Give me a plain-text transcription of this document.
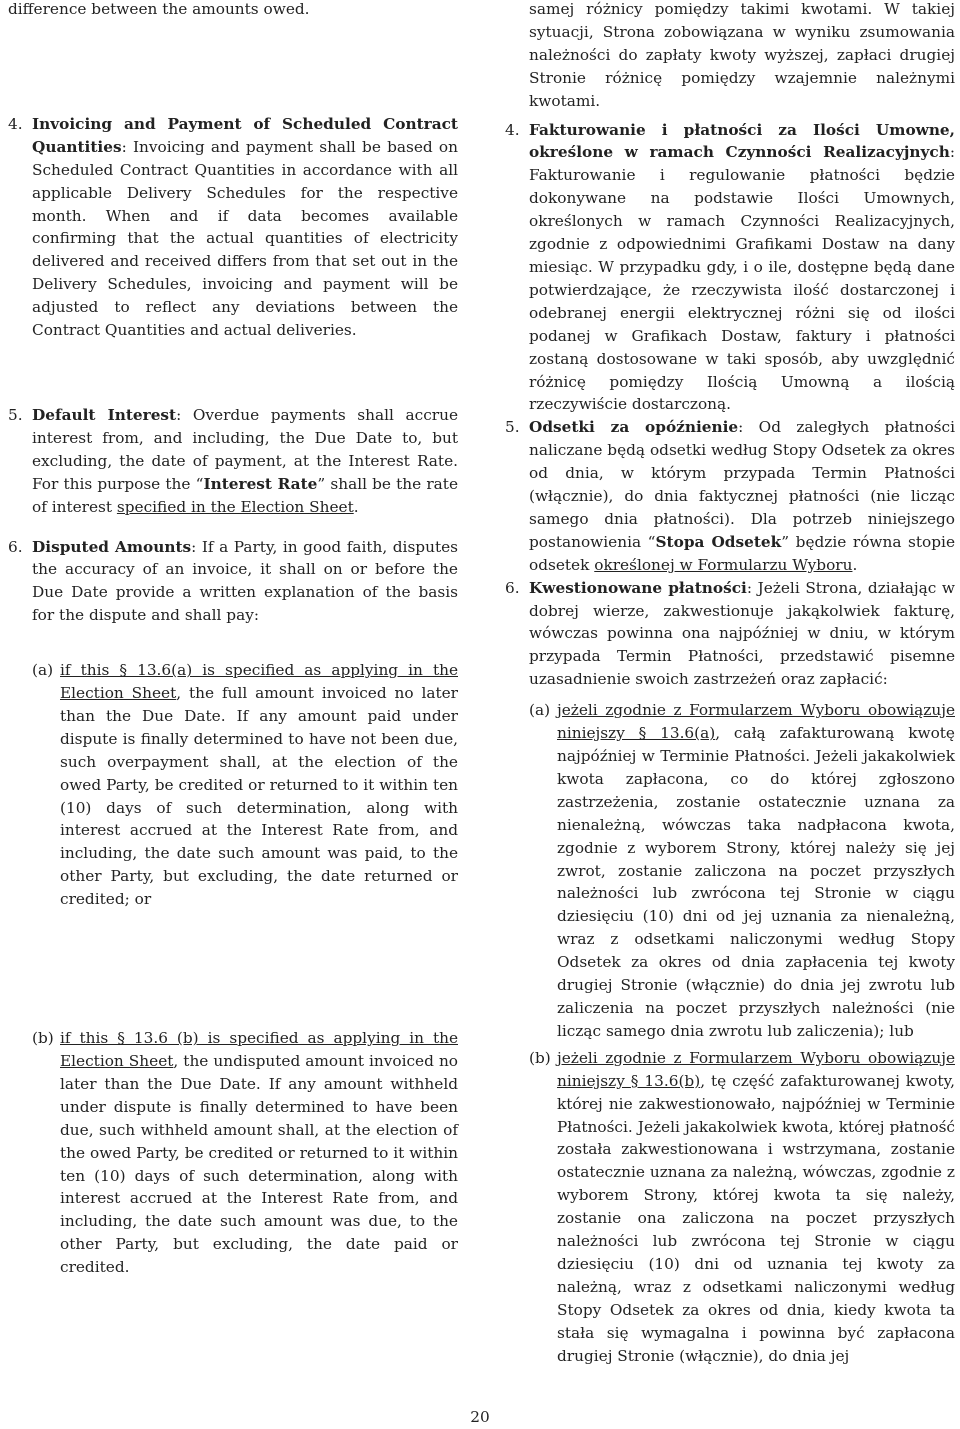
difference between the amounts owed.

4. Invoicing and Payment of Scheduled Contract Quantities: Invoicing and payment shall be based on Scheduled Contract Quantities in accordance with all applicable Delivery Schedules for the respective month. When and if data becomes available confirming that the actual quantities of electricity delivered and received differs from that set out in the Delivery Schedules, invoicing and payment will be adjusted to reflect any deviations between the Contract Quantities and actual deliveries.
5. Default Interest: Overdue payments shall accrue interest from, and including, the Due Date to, but excluding, the date of payment, at the Interest Rate. For this purpose the “Interest Rate” shall be the rate of interest specified in the Election Sheet.
6. Disputed Amounts: If a Party, in good faith, disputes the accuracy of an invoice, it shall on or before the Due Date provide a written explanation of the basis for the dispute and shall pay:
(a) if this § 13.6(a) is specified as applying in the Election Sheet, the full amount invoiced no later than the Due Date. If any amount paid under dispute is finally determined to have not been due, such overpayment shall, at the election of the owed Party, be credited or returned to it within ten (10) days of such determination, along with interest accrued at the Interest Rate from, and including, the date such amount was paid, to the other Party, but excluding, the date returned or credited; or
(b) if this § 13.6 (b) is specified as applying in the Election Sheet, the undisputed amount invoiced no later than the Due Date. If any amount withheld under dispute is finally determined to have been due, such withheld amount shall, at the election of the owed Party, be credited or returned to it within ten (10) days of such determination, along with interest accrued at the Interest Rate from, and including, the date such amount was due, to the other Party, but excluding, the date paid or credited.

samej różnicy pomiędzy takimi kwotami. W takiej sytuacji, Strona zobowiązana w wyniku zsumowania należności do zapłaty kwoty wyższej, zapłaci drugiej Stronie różnicę pomiędzy wzajemnie należnymi kwotami.

4. Fakturowanie i płatności za Ilości Umowne, określone w ramach Czynności Realizacyjnych: Fakturowanie i regulowanie płatności będzie dokonywane na podstawie Ilości Umownych, określonych w ramach Czynności Realizacyjnych, zgodnie z odpowiednimi Grafikami Dostaw na dany miesiąc. W przypadku gdy, i o ile, dostępne będą dane potwierdzające, że rzeczywista ilość dostarczonej i odebranej energii elektrycznej różni się od ilości podanej w Grafikach Dostaw, faktury i płatności zostaną dostosowane w taki sposób, aby uwzględnić różnicę pomiędzy Ilością Umowną a ilością rzeczywiście dostarczoną.
5. Odsetki za opóźnienie: Od zaległych płatności naliczane będą odsetki według Stopy Odsetek za okres od dnia, w którym przypada Termin Płatności (włącznie), do dnia faktycznej płatności (nie licząc samego dnia płatności). Dla potrzeb niniejszego postanowienia “Stopa Odsetek” będzie równa stopie odsetek określonej w Formularzu Wyboru.
6. Kwestionowane płatności: Jeżeli Strona, działając w dobrej wierze, zakwestionuje jakąkolwiek fakturę, wówczas powinna ona najpóźniej w dniu, w którym przypada Termin Płatności, przedstawić pisemne uzasadnienie swoich zastrzeżeń oraz zapłacić:
(a) jeżeli zgodnie z Formularzem Wyboru obowiązuje niniejszy § 13.6(a), całą zafakturowaną kwotę najpóźniej w Terminie Płatności. Jeżeli jakakolwiek kwota zapłacona, co do której zgłoszono zastrzeżenia, zostanie ostatecznie uznana za nienależną, wówczas taka nadpłacona kwota, zgodnie z wyborem Strony, której należy się jej zwrot, zostanie zaliczona na poczet przyszłych należności lub zwrócona tej Stronie w ciągu dziesięciu (10) dni od jej uznania za nienależną, wraz z odsetkami naliczonymi według Stopy Odsetek za okres od dnia zapłacenia tej kwoty drugiej Stronie (włącznie) do dnia jej zwrotu lub zaliczenia na poczet przyszłych należności (nie licząc samego dnia zwrotu lub zaliczenia); lub
(b) jeżeli zgodnie z Formularzem Wyboru obowiązuje niniejszy § 13.6(b), tę część zafakturowanej kwoty, której nie zakwestionowało, najpóźniej w Terminie Płatności. Jeżeli jakakolwiek kwota, której płatność została zakwestionowana i wstrzymana, zostanie ostatecznie uznana za należną, wówczas, zgodnie z wyborem Strony, której kwota ta się należy, zostanie ona zaliczona na poczet przyszłych należności lub zwrócona tej Stronie w ciągu dziesięciu (10) dni od uznania tej kwoty za należną, wraz z odsetkami naliczonymi według Stopy Odsetek za okres od dnia, kiedy kwota ta stała się wymagalna i powinna być zapłacona drugiej Stronie (włącznie), do dnia jej
20
